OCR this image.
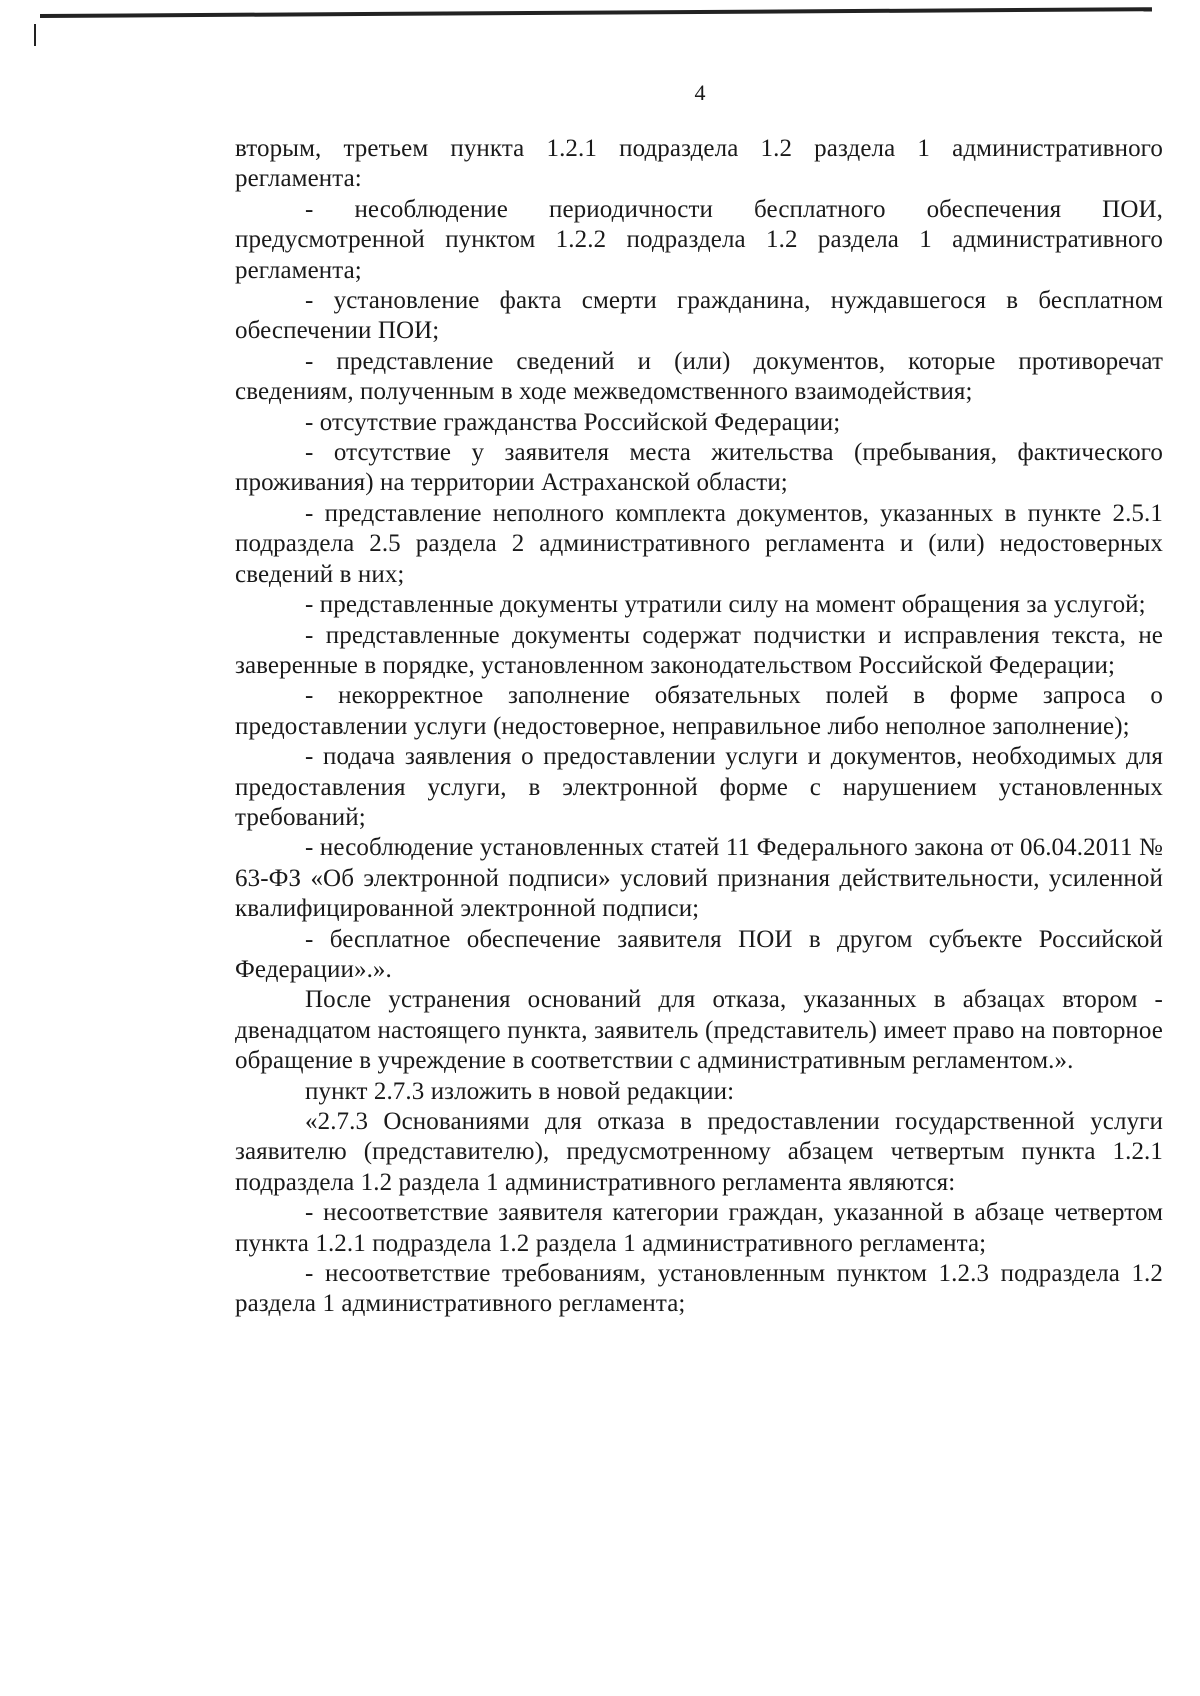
4

вторым, третьем пункта 1.2.1 подраздела 1.2 раздела 1 административного регламента:

- несоблюдение периодичности бесплатного обеспечения ПОИ, предусмотренной пунктом 1.2.2 подраздела 1.2 раздела 1 административного регламента;

- установление факта смерти гражданина, нуждавшегося в бесплатном обеспечении ПОИ;

- представление сведений и (или) документов, которые противоречат сведениям, полученным в ходе межведомственного взаимодействия;

- отсутствие гражданства Российской Федерации;

- отсутствие у заявителя места жительства (пребывания, фактического проживания) на территории Астраханской области;

- представление неполного комплекта документов, указанных в пункте 2.5.1 подраздела 2.5 раздела 2 административного регламента и (или) недостоверных сведений в них;

- представленные документы утратили силу на момент обращения за услугой;

- представленные документы содержат подчистки и исправления текста, не заверенные в порядке, установленном законодательством Российской Федерации;

- некорректное заполнение обязательных полей в форме запроса о предоставлении услуги (недостоверное, неправильное либо неполное заполнение);

- подача заявления о предоставлении услуги и документов, необходимых для предоставления услуги, в электронной форме с нарушением установленных требований;

- несоблюдение установленных статей 11 Федерального закона от 06.04.2011 № 63-ФЗ «Об электронной подписи» условий признания действительности, усиленной квалифицированной электронной подписи;

- бесплатное обеспечение заявителя ПОИ в другом субъекте Российской Федерации».».

После устранения оснований для отказа, указанных в абзацах втором - двенадцатом настоящего пункта, заявитель (представитель) имеет право на повторное обращение в учреждение в соответствии с административным регламентом.».

пункт 2.7.3 изложить в новой редакции:

«2.7.3 Основаниями для отказа в предоставлении государственной услуги заявителю (представителю), предусмотренному абзацем четвертым пункта 1.2.1 подраздела 1.2 раздела 1 административного регламента являются:

- несоответствие заявителя категории граждан, указанной в абзаце четвертом пункта 1.2.1 подраздела 1.2 раздела 1 административного регламента;

- несоответствие требованиям, установленным пунктом 1.2.3 подраздела 1.2 раздела 1 административного регламента;
